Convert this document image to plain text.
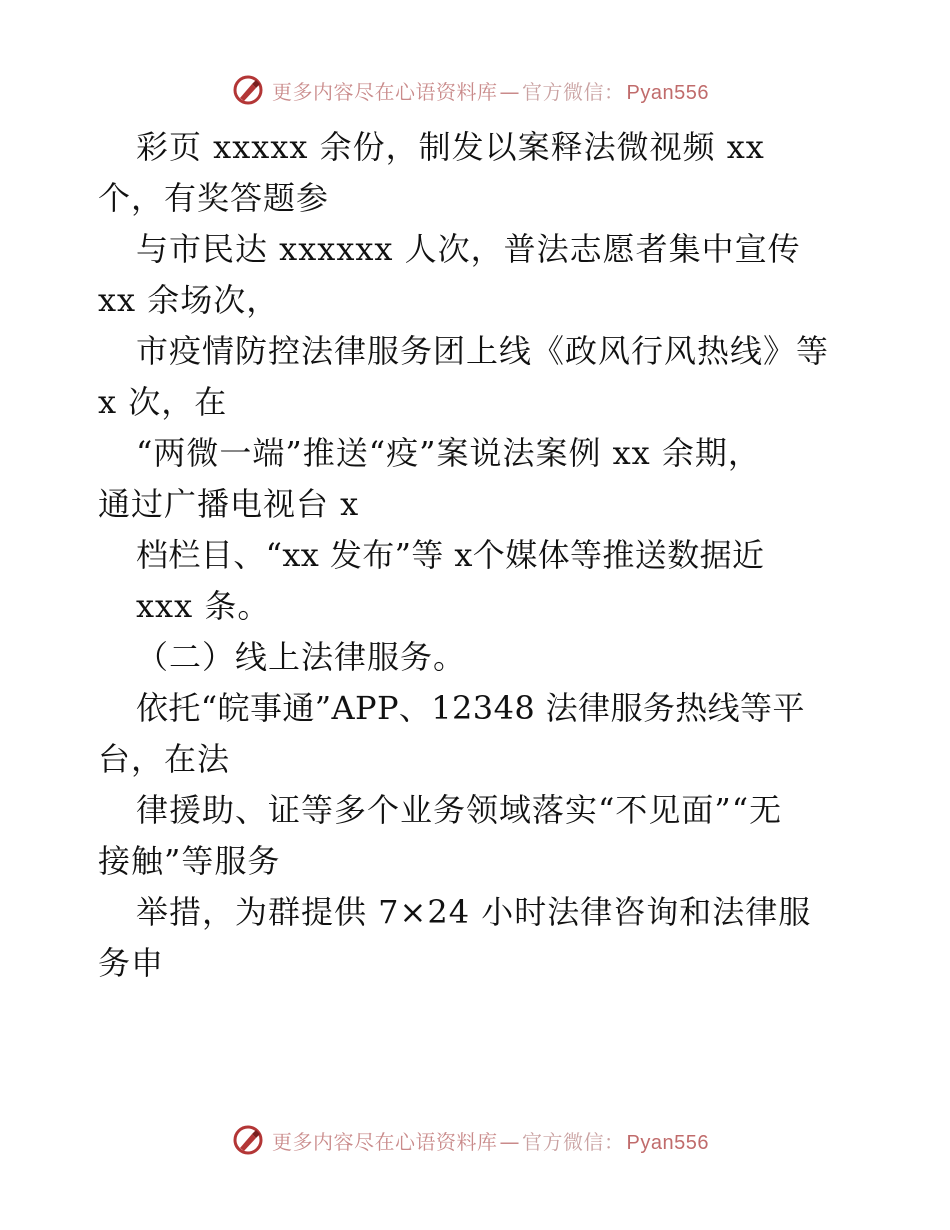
更多内容尽在心语资料库 — 官方微信： Pyan556
彩页 xxxxx 余份，制发以案释法微视频 xx
个，有奖答题参
与市民达 xxxxxx 人次，普法志愿者集中宣传
xx 余场次，
市疫情防控法律服务团上线《政风行风热线》等
x 次，在
“两微一端”推送“疫”案说法案例 xx 余期，
通过广播电视台 x
档栏目、“xx 发布”等 x个媒体等推送数据近
xxx 条。
（二）线上法律服务。
依托“皖事通”APP、12348 法律服务热线等平
台，在法
律援助、证等多个业务领域落实“不见面”“无
接触”等服务
举措，为群提供 7×24 小时法律咨询和法律服
务申
更多内容尽在心语资料库 — 官方微信： Pyan556
